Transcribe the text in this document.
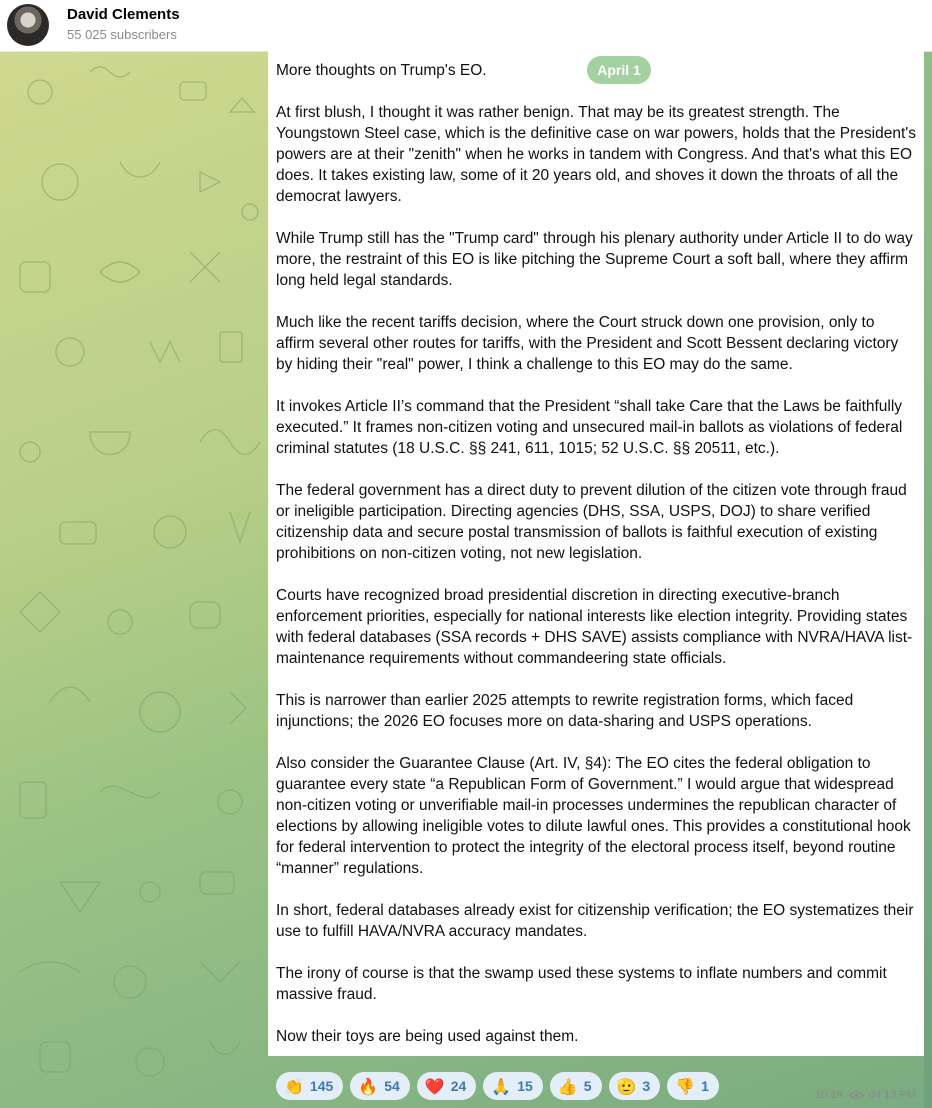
David Clements
55 025 subscribers

More thoughts on Trump's EO.

At first blush, I thought it was rather benign. That may be its greatest strength. The Youngstown Steel case, which is the definitive case on war powers, holds that the President's powers are at their "zenith" when he works in tandem with Congress. And that's what this EO does. It takes existing law, some of it 20 years old, and shoves it down the throats of all the democrat lawyers.

While Trump still has the "Trump card" through his plenary authority under Article II to do way more, the restraint of this EO is like pitching the Supreme Court a soft ball, where they affirm long held legal standards.

Much like the recent tariffs decision, where the Court struck down one provision, only to affirm several other routes for tariffs, with the President and Scott Bessent declaring victory by hiding their "real" power, I think a challenge to this EO may do the same.

It invokes Article II’s command that the President “shall take Care that the Laws be faithfully executed.” It frames non-citizen voting and unsecured mail-in ballots as violations of federal criminal statutes (18 U.S.C. §§ 241, 611, 1015; 52 U.S.C. §§ 20511, etc.).

The federal government has a direct duty to prevent dilution of the citizen vote through fraud or ineligible participation. Directing agencies (DHS, SSA, USPS, DOJ) to share verified citizenship data and secure postal transmission of ballots is faithful execution of existing prohibitions on non-citizen voting, not new legislation.

Courts have recognized broad presidential discretion in directing executive-branch enforcement priorities, especially for national interests like election integrity. Providing states with federal databases (SSA records + DHS SAVE) assists compliance with NVRA/HAVA list-maintenance requirements without commandeering state officials.

This is narrower than earlier 2025 attempts to rewrite registration forms, which faced injunctions; the 2026 EO focuses more on data-sharing and USPS operations.

Also consider the Guarantee Clause (Art. IV, §4): The EO cites the federal obligation to guarantee every state “a Republican Form of Government.” I would argue that widespread non-citizen voting or unverifiable mail-in processes undermines the republican character of elections by allowing ineligible votes to dilute lawful ones. This provides a constitutional hook for federal intervention to protect the integrity of the electoral process itself, beyond routine “manner” regulations.

In short, federal databases already exist for citizenship verification; the EO systematizes their use to fulfill HAVA/NVRA accuracy mandates.

The irony of course is that the swamp used these systems to inflate numbers and commit massive fraud.

Now their toys are being used against them.

April 1
👏 145 🔥 54 ❤️ 24 🙏 15 👍 5 🫡 3 👎 1
10.1K 04:13 PM
